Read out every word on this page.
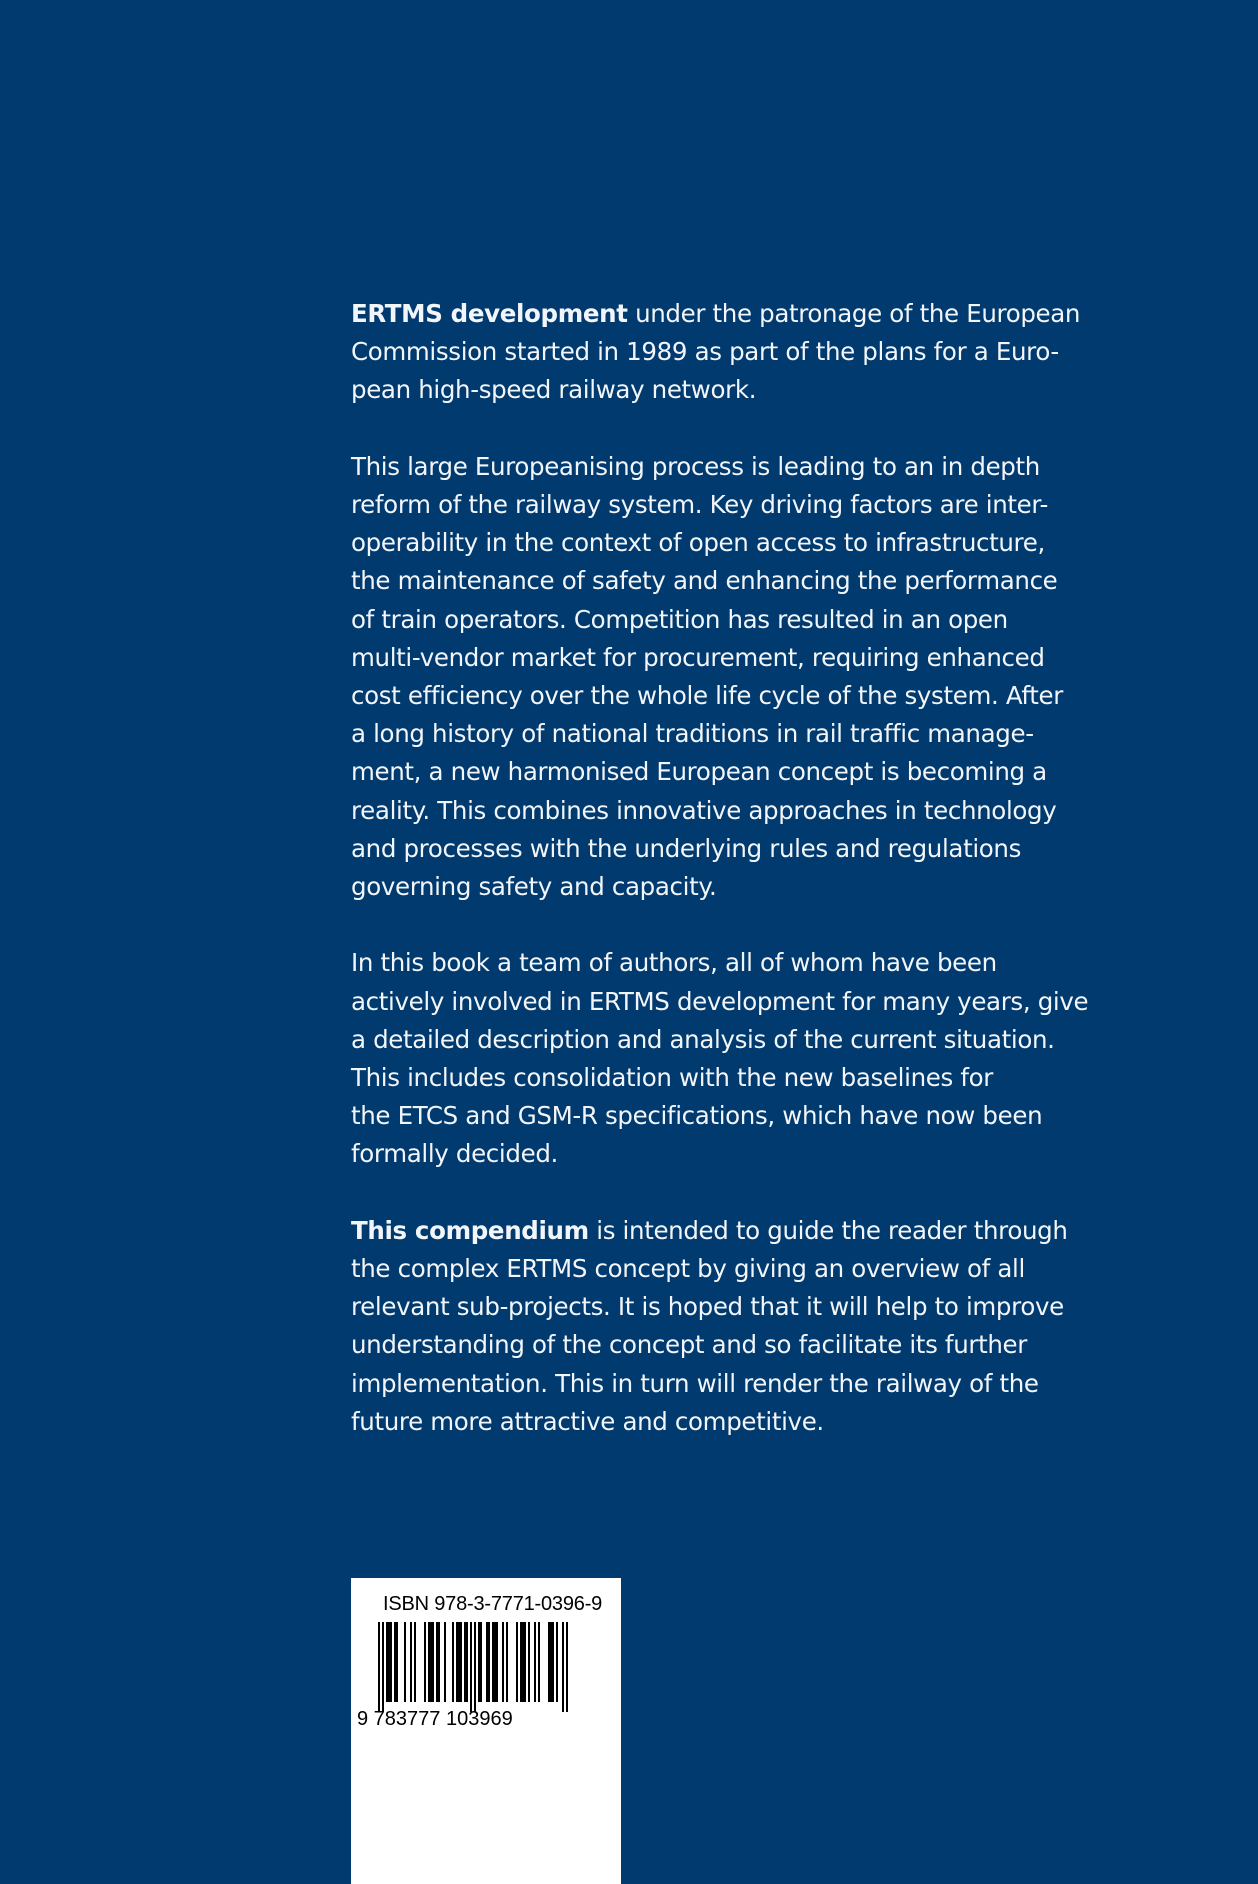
ERTMS development under the patronage of the European
Commission started in 1989 as part of the plans for a Euro-
pean high-speed railway network.

This large Europeanising process is leading to an in depth
reform of the railway system. Key driving factors are inter-
operability in the context of open access to infrastructure,
the maintenance of safety and enhancing the performance
of train operators. Competition has resulted in an open
multi-vendor market for procurement, requiring enhanced
cost efficiency over the whole life cycle of the system. After
a long history of national traditions in rail traffic manage-
ment, a new harmonised European concept is becoming a
reality. This combines innovative approaches in technology
and processes with the underlying rules and regulations
governing safety and capacity.

In this book a team of authors, all of whom have been
actively involved in ERTMS development for many years, give
a detailed description and analysis of the current situation.
This includes consolidation with the new baselines for
the ETCS and GSM-R specifications, which have now been
formally decided.

This compendium is intended to guide the reader through
the complex ERTMS concept by giving an overview of all
relevant sub-projects. It is hoped that it will help to improve
understanding of the concept and so facilitate its further
implementation. This in turn will render the railway of the
future more attractive and competitive.

ISBN 978-3-7771-0396-9
9 783777 103969
